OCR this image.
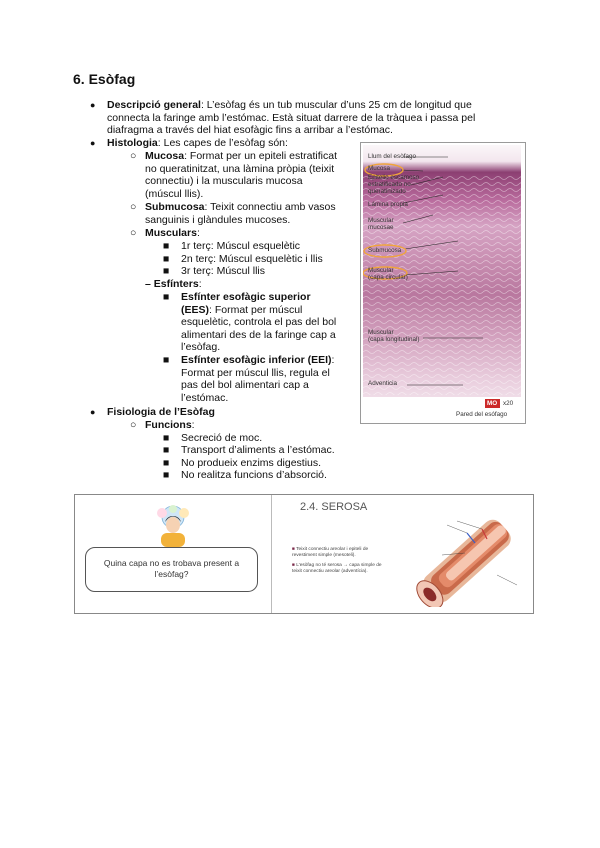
6. Esòfag
● Descripció general: L’esòfag és un tub muscular d’uns 25 cm de longitud que
connecta la faringe amb l’estómac. Està situat darrere de la tràquea i passa pel
diafragma a través del hiat esofàgic fins a arribar a l’estómac.
● Histologia: Les capes de l’esòfag són:
○ Mucosa: Format per un epiteli estratificat
no queratinitzat, una làmina pròpia (teixit
connectiu) i la muscularis mucosa
(múscul llis).
○ Submucosa: Teixit connectiu amb vasos
sanguinis i glàndules mucoses.
○ Musculars:
■ 1r terç: Múscul esquelètic
■ 2n terç: Múscul esquelètic i llis
■ 3r terç: Múscul llis
– Esfínters:
■ Esfínter esofàgic superior
(EES): Format per múscul
esquelètic, controla el pas del bol
alimentari des de la faringe cap a
l’esòfag.
■ Esfínter esofàgic inferior (EEI):
Format per múscul llis, regula el
pas del bol alimentari cap a
l’estómac.
● Fisiologia de l’Esòfag
○ Funcions:
■ Secreció de moc.
■ Transport d’aliments a l’estómac.
■ No produeix enzims digestius.
■ No realitza funcions d’absorció.
Llum del esòfago
Mucosa
Epitelio escamoso
estratificado no
queratinizado
Lámina propia
Muscular
mucosae
Submucosa
Muscular
(capa circular)
Muscular
(capa longitudinal)
Adventicia
Pared del esófago
MO x20
Quina capa no es trobava present a l’esòfag?
2.4. SEROSA
■ Teixit connectiu areolar i epiteli de revestiment simple (mesoteli).
■ L’esòfag no té serosa → capa simple de teixit connectiu areolar (adventícia).
